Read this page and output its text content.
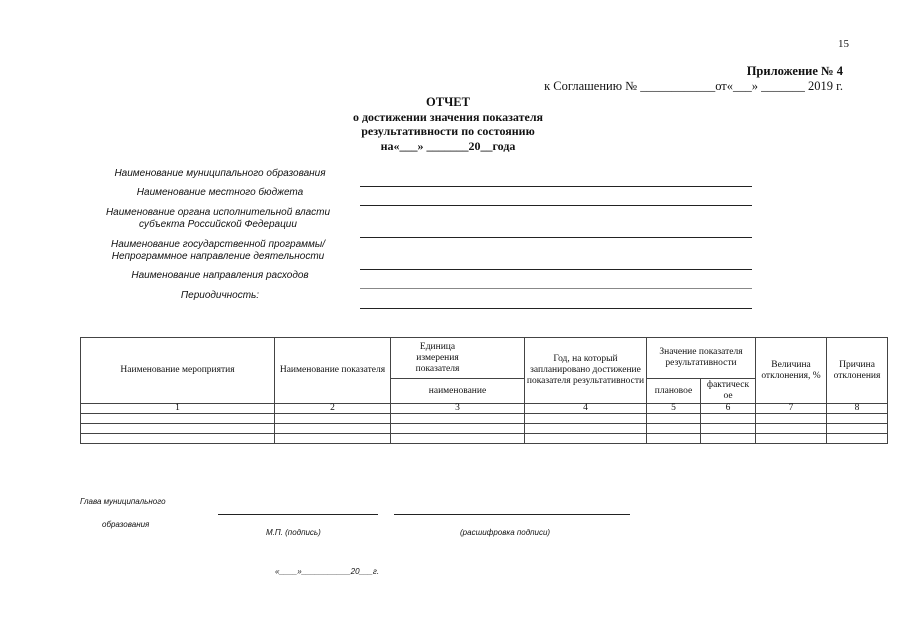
15
Приложение № 4
к Соглашению № ____________от«___» _______ 2019 г.
ОТЧЕТ
о достижении значения показателя
результативности по состоянию
на«___» _______20__года
Наименование муниципального образования
Наименование местного бюджета
Наименование органа исполнительной власти
субъекта Российской Федерации
Наименование государственной программы/
Непрограммное направление деятельности
Наименование направления расходов
Периодичность:
Наименование мероприятия	Наименование показателя	Единица измерения показателя	Год, на который запланировано достижение показателя результативности	Значение показателя результативности		Величина отклонения, %	Причина отклонения
		наименование		плановое	фактическ ое		
1	2	3	4	5	6	7	8

Глава муниципального
образования
М.П. (подпись)	(расшифровка подписи)
«____»___________20___г.
